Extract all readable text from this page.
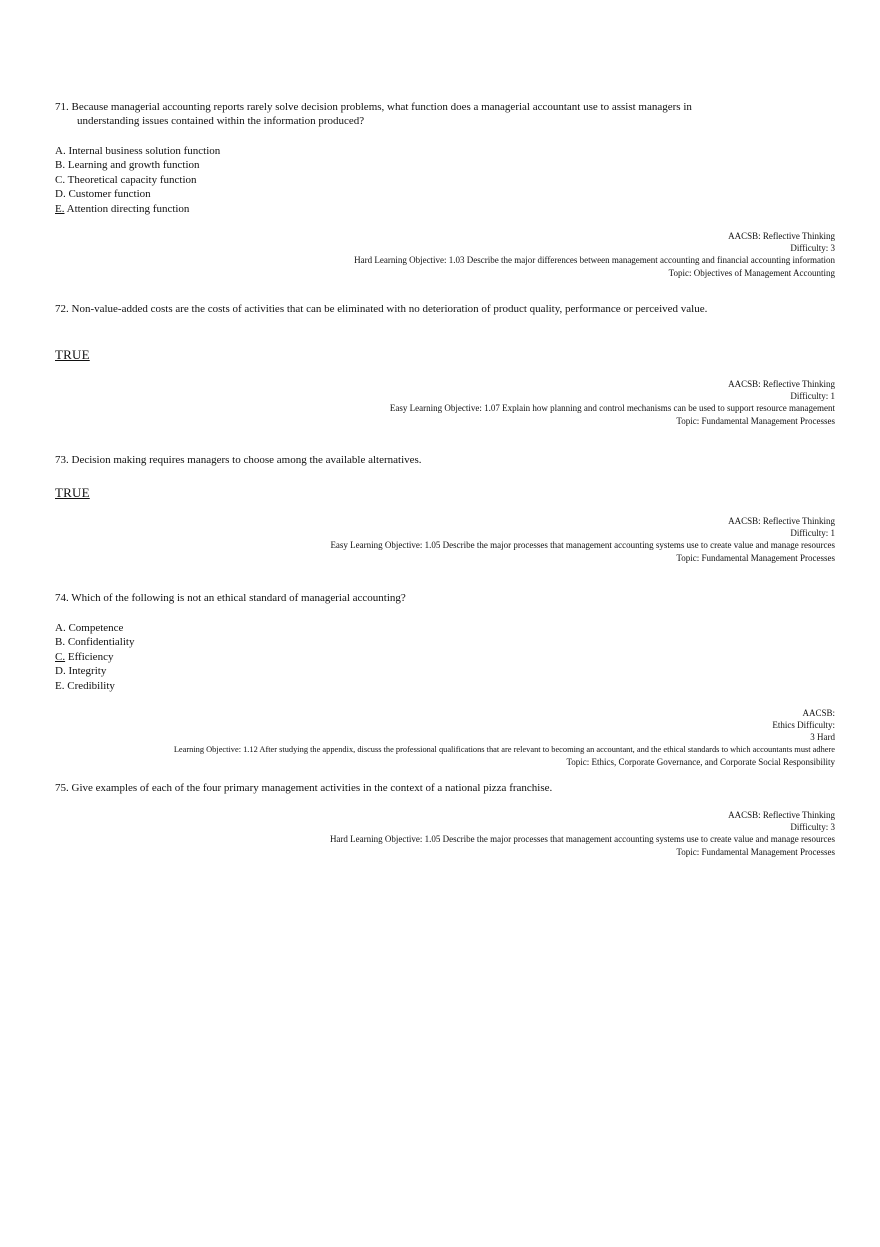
71. Because managerial accounting reports rarely solve decision problems, what function does a managerial accountant use to assist managers in understanding issues contained within the information produced?
A. Internal business solution function
B. Learning and growth function
C. Theoretical capacity function
D. Customer function
E. Attention directing function
AACSB: Reflective Thinking
Difficulty: 3
Hard Learning Objective: 1.03 Describe the major differences between management accounting and financial accounting information
Topic: Objectives of Management Accounting
72. Non-value-added costs are the costs of activities that can be eliminated with no deterioration of product quality, performance or perceived value.
TRUE
AACSB: Reflective Thinking
Difficulty: 1
Easy Learning Objective: 1.07 Explain how planning and control mechanisms can be used to support resource management
Topic: Fundamental Management Processes
73. Decision making requires managers to choose among the available alternatives.
TRUE
AACSB: Reflective Thinking
Difficulty: 1
Easy Learning Objective: 1.05 Describe the major processes that management accounting systems use to create value and manage resources
Topic: Fundamental Management Processes
74. Which of the following is not an ethical standard of managerial accounting?
A. Competence
B. Confidentiality
C. Efficiency
D. Integrity
E. Credibility
AACSB:
Ethics Difficulty:
3 Hard
Learning Objective: 1.12 After studying the appendix, discuss the professional qualifications that are relevant to becoming an accountant, and the ethical standards to which accountants must adhere
Topic: Ethics, Corporate Governance, and Corporate Social Responsibility
75. Give examples of each of the four primary management activities in the context of a national pizza franchise.
AACSB: Reflective Thinking
Difficulty: 3
Hard Learning Objective: 1.05 Describe the major processes that management accounting systems use to create value and manage resources
Topic: Fundamental Management Processes
